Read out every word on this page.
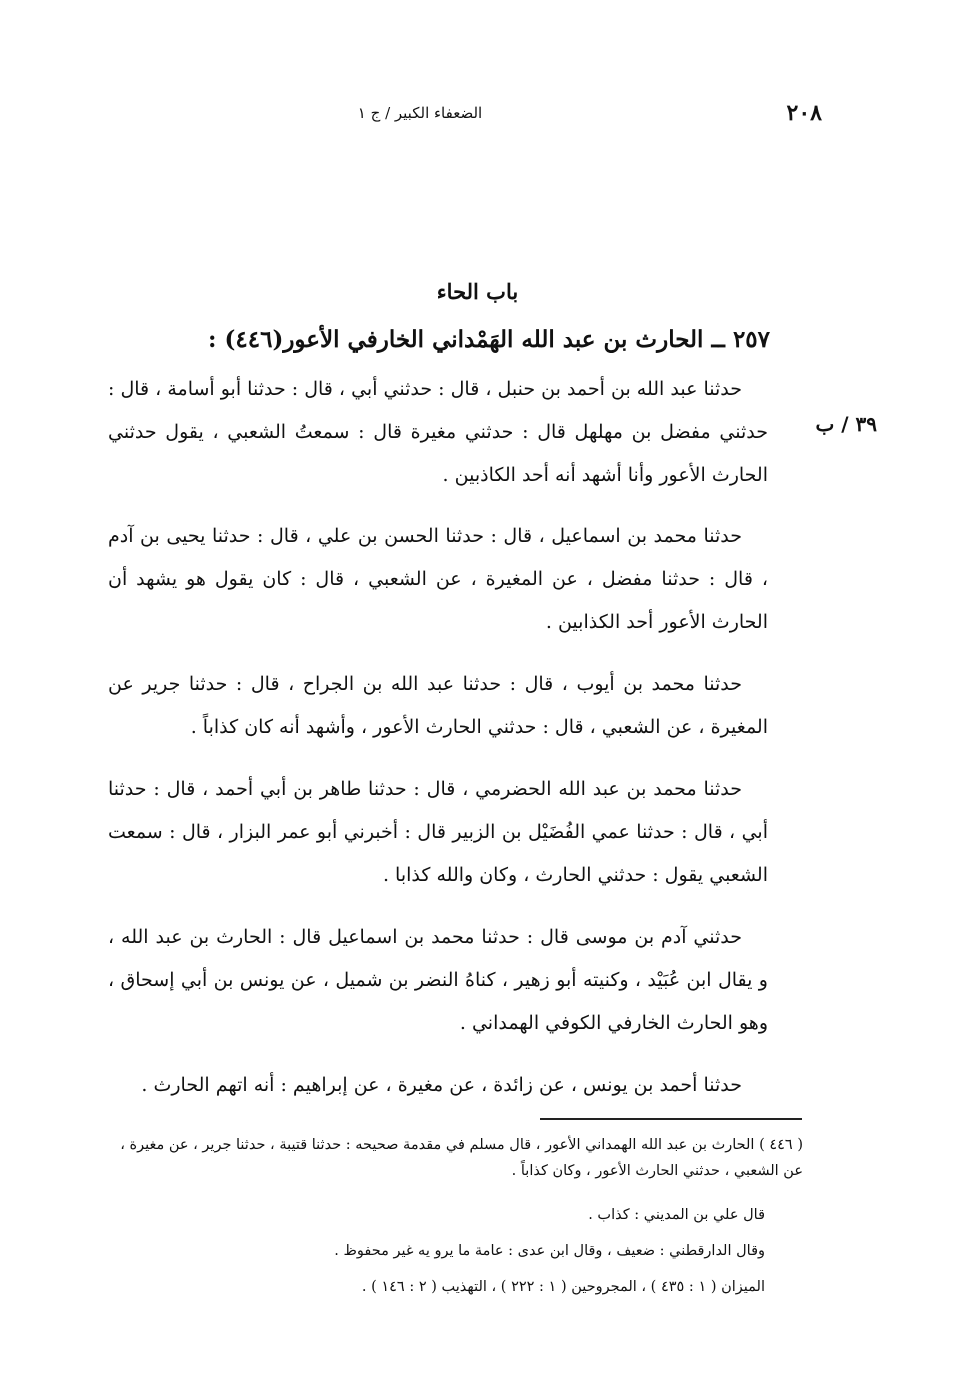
٢٠٨
الضعفاء الكبير / ج ١
باب الحاء
٢٥٧ ــ الحارث بن عبد الله الهَمْداني الخارفي الأعور(٤٤٦) :
٣٩ / ب
حدثنا عبد الله بن أحمد بن حنبل ، قال : حدثني أبي ، قال : حدثنا أبو أسامة ، قال : حدثني مفضل بن مهلهل قال : حدثني مغيرة قال : سمعتُ الشعبي ، يقول حدثني الحارث الأعور وأنا أشهد أنه أحد الكاذبين .
حدثنا محمد بن اسماعيل ، قال : حدثنا الحسن بن علي ، قال : حدثنا يحيى بن آدم ، قال : حدثنا مفضل ، عن المغيرة ، عن الشعبي ، قال : كان يقول هو يشهد أن الحارث الأعور أحد الكذابين .
حدثنا محمد بن أيوب ، قال : حدثنا عبد الله بن الجراح ، قال : حدثنا جرير عن المغيرة ، عن الشعبي ، قال : حدثني الحارث الأعور ، وأشهد أنه كان كذاباً .
حدثنا محمد بن عبد الله الحضرمي ، قال : حدثنا طاهر بن أبي أحمد ، قال : حدثنا أبي ، قال : حدثنا عمي الفُضَيْل بن الزبير قال : أخبرني أبو عمر البزار ، قال : سمعت الشعبي يقول : حدثني الحارث ، وكان والله كذابا .
حدثني آدم بن موسى قال : حدثنا محمد بن اسماعيل قال : الحارث بن عبد الله ، و يقال ابن عُبَيْد ، وكنيته أبو زهير ، كناهُ النضر بن شميل ، عن يونس بن أبي إسحاق ، وهو الحارث الخارفي الكوفي الهمداني .
حدثنا أحمد بن يونس ، عن زائدة ، عن مغيرة ، عن إبراهيم : أنه اتهم الحارث .
( ٤٤٦ ) الحارث بن عبد الله الهمداني الأعور ، قال مسلم في مقدمة صحيحه : حدثنا قتيبة ، حدثنا جرير ، عن مغيرة ، عن الشعبي ، حدثني الحارث الأعور ، وكان كذاباً .
قال علي بن المديني : كذاب .
وقال الدارقطني : ضعيف ، وقال ابن عدى : عامة ما يرو يه غير محفوظ .
الميزان ( ١ : ٤٣٥ ) ، المجروحين ( ١ : ٢٢٢ ) ، التهذيب ( ٢ : ١٤٦ ) .
